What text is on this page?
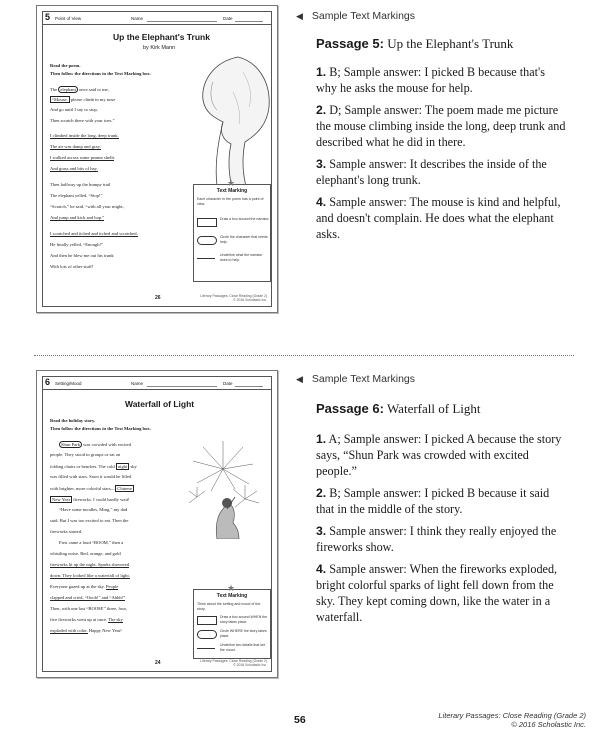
5 Point of View	Name	Date
Up the Elephant's Trunk
by Kirk Mann
Read the poem.
Then follow the directions in the Text Marking box.
The elephant once said to me,
“Mouse, please climb in my nose
And go until I say to stop,
Then scratch there with your toes.”
I climbed inside the long, deep trunk.
The air was damp and gray.
I walked across some peanut shells
And grass and bits of hay.
Then halfway up the bumpy trail
The elephant yelled, “Stop!”
“Scratch,” he said, “with all your might,
And jump and kick and hop.”
I scratched and itched and itched and scratched.
He finally yelled, “Enough!”
And then he blew me out his trunk
With lots of other stuff!
★
Text Marking
Each character in the poem has a point of view.
Draw a box around the narrator.
Circle the character that needs help.
Underline what the narrator does to help.
26	Literary Passages: Close Reading (Grade 2)
© 2016 Scholastic Inc.
◀ Sample Text Markings
Passage 5: Up the Elephant's Trunk
1. B; Sample answer: I picked B because that's why he asks the mouse for help.
2. D; Sample answer: The poem made me picture the mouse climbing inside the long, deep trunk and described what he did in there.
3. Sample answer: It describes the inside of the elephant's long trunk.
4. Sample answer: The mouse is kind and helpful, and doesn't complain. He does what the elephant asks.
6 Setting/Mood	Name	Date
Waterfall of Light
Read the holiday story.
Then follow the directions in the Text Marking box.
Shun Park was crowded with excited
people. They stood in groups or sat on
folding chairs or benches. The cold night sky
was filled with stars. Soon it would be filled
with brighter, more colorful stars— Chinese
New Year fireworks. I could hardly wait!
“Have some noodles, Ming,” my dad
said. But I was too excited to eat. Then the
fireworks started.
First came a loud “BOOM,” then a
whistling noise. Red, orange, and gold
fireworks lit up the night. Sparks showered
down. They looked like a waterfall of light.
Everyone gazed up at the sky. People
clapped and cried, “Oooh!” and “Ahhh!”
Then, with one last “BOOM!” three, four,
five fireworks went up at once. The sky
exploded with color. Happy New Year!
★
Text Marking
Think about the setting and mood of the story.
Draw a box around WHEN the story takes place.
Circle WHERE the story takes place.
Underline two details that set the mood.
24	Literary Passages: Close Reading (Grade 2)
© 2016 Scholastic Inc.
◀ Sample Text Markings
Passage 6: Waterfall of Light
1. A; Sample answer: I picked A because the story says, “Shun Park was crowded with excited people.”
2. B; Sample answer: I picked B because it said that in the middle of the story.
3. Sample answer: I think they really enjoyed the fireworks show.
4. Sample answer: When the fireworks exploded, bright colorful sparks of light fell down from the sky. They kept coming down, like the water in a waterfall.
56	Literary Passages: Close Reading (Grade 2)
© 2016 Scholastic Inc.
